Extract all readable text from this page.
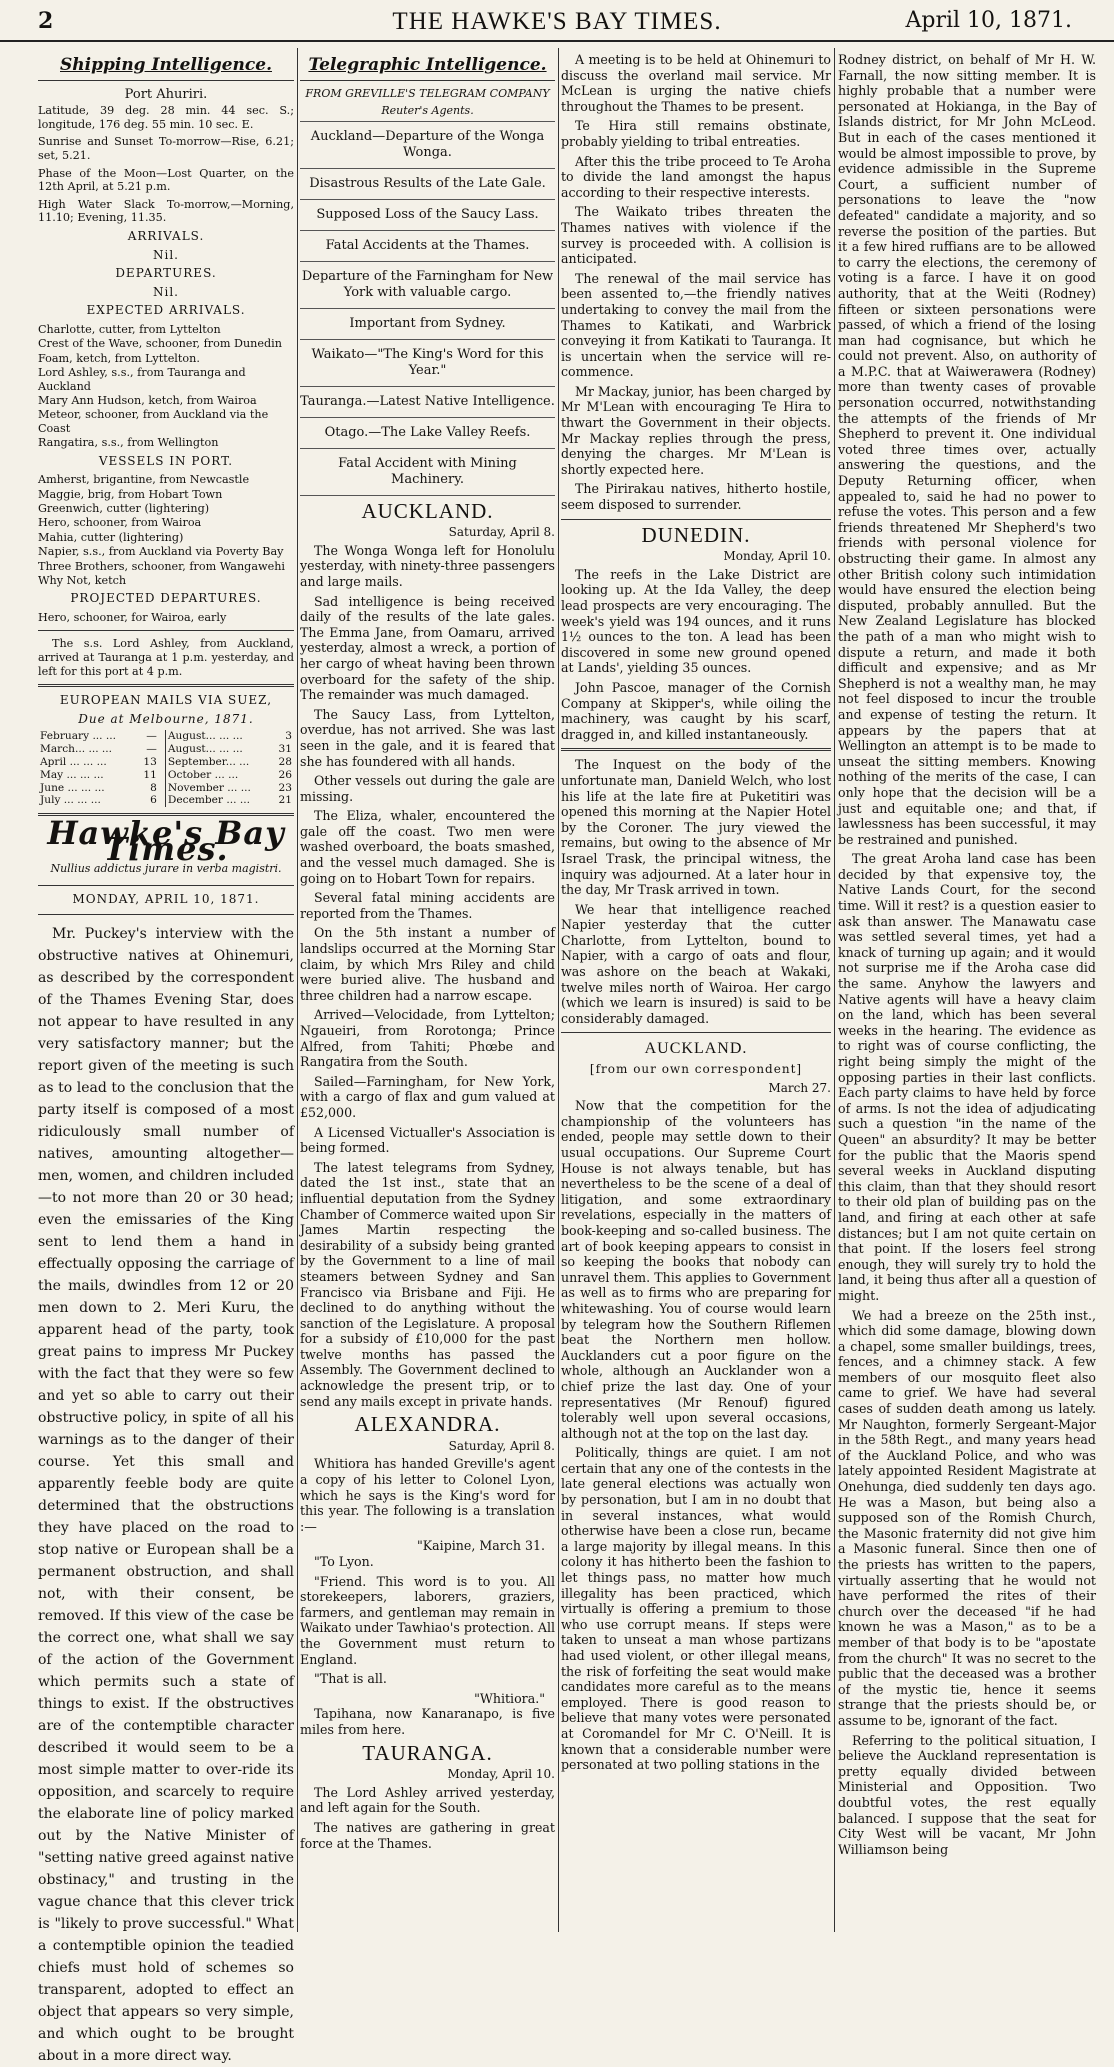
2	THE HAWKE'S BAY TIMES.	April 10, 1871.
Shipping Intelligence.
Port Ahuriri.

Latitude, 39 deg. 28 min. 44 sec. S.; longitude, 176 deg. 55 min. 10 sec. E.

Sunrise and Sunset To-morrow—Rise, 6.21; set, 5.21.

Phase of the Moon—Lost Quarter, on the 12th April, at 5.21 p.m.

High Water Slack To-morrow,—Morning, 11.10; Evening, 11.35.

ARRIVALS.
Nil.
DEPARTURES.
Nil.
EXPECTED ARRIVALS.
Charlotte, cutter, from Lyttelton
Crest of the Wave, schooner, from Dunedin
Foam, ketch, from Lyttelton.
Lord Ashley, s.s., from Tauranga and Auckland
Mary Ann Hudson, ketch, from Wairoa
Meteor, schooner, from Auckland via the Coast
Rangatira, s.s., from Wellington
VESSELS IN PORT.
Amherst, brigantine, from Newcastle
Maggie, brig, from Hobart Town
Greenwich, cutter (lightering)
Hero, schooner, from Wairoa
Mahia, cutter (lightering)
Napier, s.s., from Auckland via Poverty Bay
Three Brothers, schooner, from Wangawehi
Why Not, ketch
PROJECTED DEPARTURES.
Hero, schooner, for Wairoa, early

The s.s. Lord Ashley, from Auckland, arrived at Tauranga at 1 p.m. yesterday, and left for this port at 4 p.m.

EUROPEAN MAILS VIA SUEZ,
Due at Melbourne, 1871.
February ... ...	—	August... ... ...	3
March... ... ...	—	August... ... ...	31
April ... ... ...	13	September... ...	28
May ... ... ...	11	October ... ...	26
June ... ... ...	8	November ... ...	23
July ... ... ...	6	December ... ...	21
Hawke's Bay Times.
Nullius addictus jurare in verba magistri.
MONDAY, APRIL 10, 1871.

Mr. Puckey's interview with the obstructive natives at Ohinemuri, as described by the correspondent of the Thames Evening Star, does not appear to have resulted in any very satisfactory manner; but the report given of the meeting is such as to lead to the conclusion that the party itself is composed of a most ridiculously small number of natives, amounting altogether—men, women, and children included—to not more than 20 or 30 head; even the emissaries of the King sent to lend them a hand in effectually opposing the carriage of the mails, dwindles from 12 or 20 men down to 2. Meri Kuru, the apparent head of the party, took great pains to impress Mr Puckey with the fact that they were so few and yet so able to carry out their obstructive policy, in spite of all his warnings as to the danger of their course. Yet this small and apparently feeble body are quite determined that the obstructions they have placed on the road to stop native or European shall be a permanent obstruction, and shall not, with their consent, be removed. If this view of the case be the correct one, what shall we say of the action of the Government which permits such a state of things to exist. If the obstructives are of the contemptible character described it would seem to be a most simple matter to over-ride its opposition, and scarcely to require the elaborate line of policy marked out by the Native Minister of "setting native greed against native obstinacy," and trusting in the vague chance that this clever trick is "likely to prove successful." What a contemptible opinion the teadied chiefs must hold of schemes so transparent, adopted to effect an object that appears so very simple, and which ought to be brought about in a more direct way.

Telegraphic Intelligence.
FROM GREVILLE'S TELEGRAM COMPANY
Reuter's Agents.
Auckland—Departure of the Wonga Wonga.
Disastrous Results of the Late Gale.
Supposed Loss of the Saucy Lass.
Fatal Accidents at the Thames.
Departure of the Farningham for New York with valuable cargo.
Important from Sydney.
Waikato—"The King's Word for this Year."
Tauranga.—Latest Native Intelligence.
Otago.—The Lake Valley Reefs.
Fatal Accident with Mining Machinery.
AUCKLAND.
Saturday, April 8.

The Wonga Wonga left for Honolulu yesterday, with ninety-three passengers and large mails.

Sad intelligence is being received daily of the results of the late gales. The Emma Jane, from Oamaru, arrived yesterday, almost a wreck, a portion of her cargo of wheat having been thrown overboard for the safety of the ship. The remainder was much damaged.

The Saucy Lass, from Lyttelton, overdue, has not arrived. She was last seen in the gale, and it is feared that she has foundered with all hands.

Other vessels out during the gale are missing.

The Eliza, whaler, encountered the gale off the coast. Two men were washed overboard, the boats smashed, and the vessel much damaged. She is going on to Hobart Town for repairs.

Several fatal mining accidents are reported from the Thames.

On the 5th instant a number of landslips occurred at the Morning Star claim, by which Mrs Riley and child were buried alive. The husband and three children had a narrow escape.

Arrived—Velocidade, from Lyttelton; Ngaueiri, from Rorotonga; Prince Alfred, from Tahiti; Phœbe and Rangatira from the South.

Sailed—Farningham, for New York, with a cargo of flax and gum valued at £52,000.

A Licensed Victualler's Association is being formed.

The latest telegrams from Sydney, dated the 1st inst., state that an influential deputation from the Sydney Chamber of Commerce waited upon Sir James Martin respecting the desirability of a subsidy being granted by the Government to a line of mail steamers between Sydney and San Francisco via Brisbane and Fiji. He declined to do anything without the sanction of the Legislature. A proposal for a subsidy of £10,000 for the past twelve months has passed the Assembly. The Government declined to acknowledge the present trip, or to send any mails except in private hands.

ALEXANDRA.
Saturday, April 8.

Whitiora has handed Greville's agent a copy of his letter to Colonel Lyon, which he says is the King's word for this year. The following is a translation :—

"Kaipine, March 31.

"To Lyon.

"Friend. This word is to you. All storekeepers, laborers, graziers, farmers, and gentleman may remain in Waikato under Tawhiao's protection. All the Government must return to England.

"That is all.

"Whitiora."

Tapihana, now Kanaranapo, is five miles from here.

TAURANGA.
Monday, April 10.

The Lord Ashley arrived yesterday, and left again for the South.

The natives are gathering in great force at the Thames.

A meeting is to be held at Ohinemuri to discuss the overland mail service. Mr McLean is urging the native chiefs throughout the Thames to be present.

Te Hira still remains obstinate, probably yielding to tribal entreaties.

After this the tribe proceed to Te Aroha to divide the land amongst the hapus according to their respective interests.

The Waikato tribes threaten the Thames natives with violence if the survey is proceeded with. A collision is anticipated.

The renewal of the mail service has been assented to,—the friendly natives undertaking to convey the mail from the Thames to Katikati, and Warbrick conveying it from Katikati to Tauranga. It is uncertain when the service will re-commence.

Mr Mackay, junior, has been charged by Mr M'Lean with encouraging Te Hira to thwart the Government in their objects. Mr Mackay replies through the press, denying the charges. Mr M'Lean is shortly expected here.

The Pirirakau natives, hitherto hostile, seem disposed to surrender.

DUNEDIN.
Monday, April 10.

The reefs in the Lake District are looking up. At the Ida Valley, the deep lead prospects are very encouraging. The week's yield was 194 ounces, and it runs 1½ ounces to the ton. A lead has been discovered in some new ground opened at Lands', yielding 35 ounces.

John Pascoe, manager of the Cornish Company at Skipper's, while oiling the machinery, was caught by his scarf, dragged in, and killed instantaneously.

The Inquest on the body of the unfortunate man, Danield Welch, who lost his life at the late fire at Puketitiri was opened this morning at the Napier Hotel by the Coroner. The jury viewed the remains, but owing to the absence of Mr Israel Trask, the principal witness, the inquiry was adjourned. At a later hour in the day, Mr Trask arrived in town.

We hear that intelligence reached Napier yesterday that the cutter Charlotte, from Lyttelton, bound to Napier, with a cargo of oats and flour, was ashore on the beach at Wakaki, twelve miles north of Wairoa. Her cargo (which we learn is insured) is said to be considerably damaged.

AUCKLAND.
[from our own correspondent]
March 27.

Now that the competition for the championship of the volunteers has ended, people may settle down to their usual occupations. Our Supreme Court House is not always tenable, but has nevertheless to be the scene of a deal of litigation, and some extraordinary revelations, especially in the matters of book-keeping and so-called business. The art of book keeping appears to consist in so keeping the books that nobody can unravel them. This applies to Government as well as to firms who are preparing for whitewashing. You of course would learn by telegram how the Southern Riflemen beat the Northern men hollow. Aucklanders cut a poor figure on the whole, although an Aucklander won a chief prize the last day. One of your representatives (Mr Renouf) figured tolerably well upon several occasions, although not at the top on the last day.

Politically, things are quiet. I am not certain that any one of the contests in the late general elections was actually won by personation, but I am in no doubt that in several instances, what would otherwise have been a close run, became a large majority by illegal means. In this colony it has hitherto been the fashion to let things pass, no matter how much illegality has been practiced, which virtually is offering a premium to those who use corrupt means. If steps were taken to unseat a man whose partizans had used violent, or other illegal means, the risk of forfeiting the seat would make candidates more careful as to the means employed. There is good reason to believe that many votes were personated at Coromandel for Mr C. O'Neill. It is known that a considerable number were personated at two polling stations in the

Rodney district, on behalf of Mr H. W. Farnall, the now sitting member. It is highly probable that a number were personated at Hokianga, in the Bay of Islands district, for Mr John McLeod. But in each of the cases mentioned it would be almost impossible to prove, by evidence admissible in the Supreme Court, a sufficient number of personations to leave the "now defeated" candidate a majority, and so reverse the position of the parties. But it a few hired ruffians are to be allowed to carry the elections, the ceremony of voting is a farce. I have it on good authority, that at the Weiti (Rodney) fifteen or sixteen personations were passed, of which a friend of the losing man had cognisance, but which he could not prevent. Also, on authority of a M.P.C. that at Waiwerawera (Rodney) more than twenty cases of provable personation occurred, notwithstanding the attempts of the friends of Mr Shepherd to prevent it. One individual voted three times over, actually answering the questions, and the Deputy Returning officer, when appealed to, said he had no power to refuse the votes. This person and a few friends threatened Mr Shepherd's two friends with personal violence for obstructing their game. In almost any other British colony such intimidation would have ensured the election being disputed, probably annulled. But the New Zealand Legislature has blocked the path of a man who might wish to dispute a return, and made it both difficult and expensive; and as Mr Shepherd is not a wealthy man, he may not feel disposed to incur the trouble and expense of testing the return. It appears by the papers that at Wellington an attempt is to be made to unseat the sitting members. Knowing nothing of the merits of the case, I can only hope that the decision will be a just and equitable one; and that, if lawlessness has been successful, it may be restrained and punished.

The great Aroha land case has been decided by that expensive toy, the Native Lands Court, for the second time. Will it rest? is a question easier to ask than answer. The Manawatu case was settled several times, yet had a knack of turning up again; and it would not surprise me if the Aroha case did the same. Anyhow the lawyers and Native agents will have a heavy claim on the land, which has been several weeks in the hearing. The evidence as to right was of course conflicting, the right being simply the might of the opposing parties in their last conflicts. Each party claims to have held by force of arms. Is not the idea of adjudicating such a question "in the name of the Queen" an absurdity? It may be better for the public that the Maoris spend several weeks in Auckland disputing this claim, than that they should resort to their old plan of building pas on the land, and firing at each other at safe distances; but I am not quite certain on that point. If the losers feel strong enough, they will surely try to hold the land, it being thus after all a question of might.

We had a breeze on the 25th inst., which did some damage, blowing down a chapel, some smaller buildings, trees, fences, and a chimney stack. A few members of our mosquito fleet also came to grief. We have had several cases of sudden death among us lately. Mr Naughton, formerly Sergeant-Major in the 58th Regt., and many years head of the Auckland Police, and who was lately appointed Resident Magistrate at Onehunga, died suddenly ten days ago. He was a Mason, but being also a supposed son of the Romish Church, the Masonic fraternity did not give him a Masonic funeral. Since then one of the priests has written to the papers, virtually asserting that he would not have performed the rites of their church over the deceased "if he had known he was a Mason," as to be a member of that body is to be "apostate from the church" It was no secret to the public that the deceased was a brother of the mystic tie, hence it seems strange that the priests should be, or assume to be, ignorant of the fact.

Referring to the political situation, I believe the Auckland representation is pretty equally divided between Ministerial and Opposition. Two doubtful votes, the rest equally balanced. I suppose that the seat for City West will be vacant, Mr John Williamson being
